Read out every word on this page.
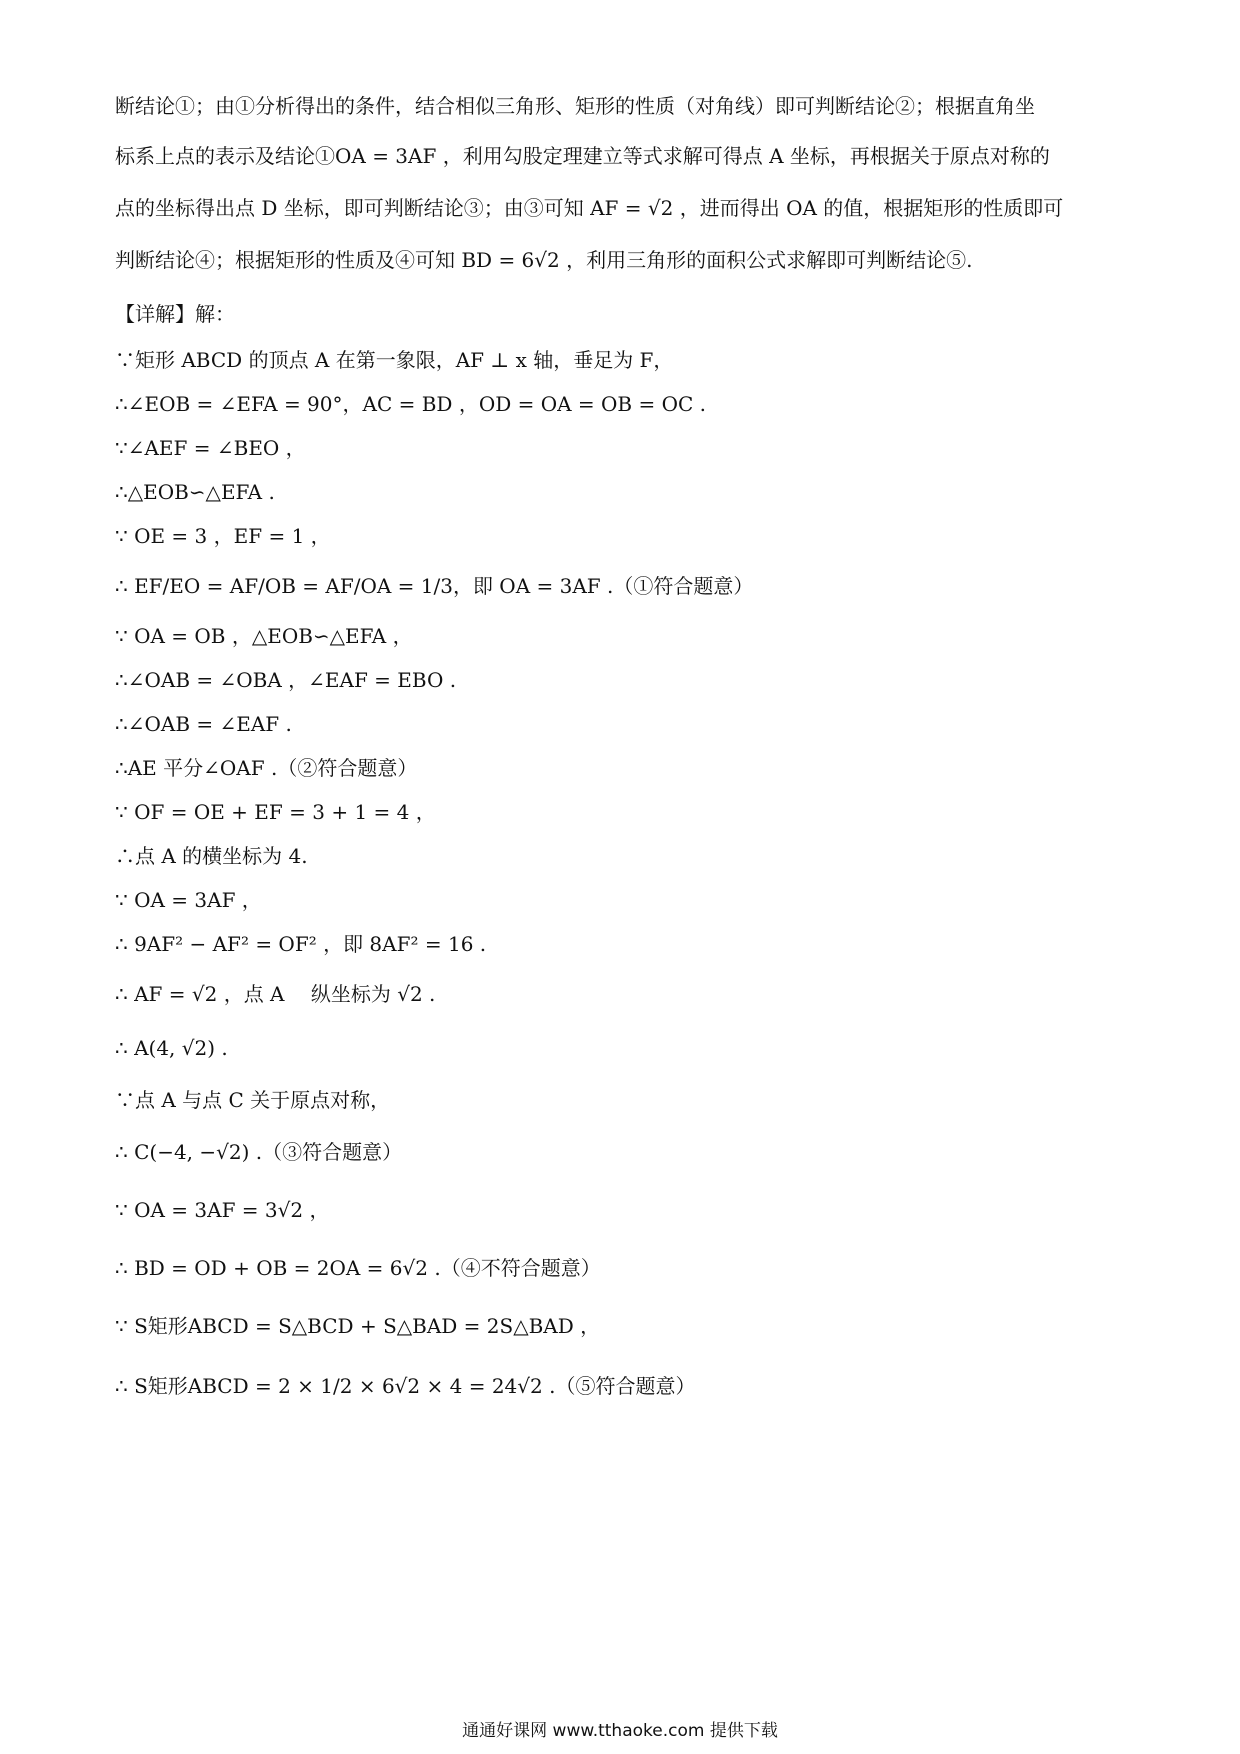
断结论①；由①分析得出的条件，结合相似三角形、矩形的性质（对角线）即可判断结论②；根据直角坐
标系上点的表示及结论①OA = 3AF ，利用勾股定理建立等式求解可得点 A 坐标，再根据关于原点对称的
点的坐标得出点 D 坐标，即可判断结论③；由③可知 AF = √2 ，进而得出 OA 的值，根据矩形的性质即可
判断结论④；根据矩形的性质及④可知 BD = 6√2 ，利用三角形的面积公式求解即可判断结论⑤.
【详解】解：
∵矩形 ABCD 的顶点 A 在第一象限，AF ⊥ x 轴，垂足为 F，
∴∠EOB = ∠EFA = 90°，AC = BD ，OD = OA = OB = OC .
∵∠AEF = ∠BEO ，
∴△EOB∽△EFA .
∵ OE = 3 ，EF = 1 ，
∴ EF/EO = AF/OB = AF/OA = 1/3，即 OA = 3AF .（①符合题意）
∵ OA = OB ，△EOB∽△EFA ，
∴∠OAB = ∠OBA ，∠EAF = EBO .
∴∠OAB = ∠EAF .
∴AE 平分∠OAF .（②符合题意）
∵ OF = OE + EF = 3 + 1 = 4 ，
∴点 A 的横坐标为 4.
∵ OA = 3AF ，
∴ 9AF² − AF² = OF² ，即 8AF² = 16 .
∴ AF = √2 ，点 A　 纵坐标为 √2 .
∴ A(4, √2) .
∵点 A 与点 C 关于原点对称，
∴ C(−4, −√2) .（③符合题意）
∵ OA = 3AF = 3√2 ，
∴ BD = OD + OB = 2OA = 6√2 .（④不符合题意）
∵ S矩形ABCD = S△BCD + S△BAD = 2S△BAD ，
∴ S矩形ABCD = 2 × 1/2 × 6√2 × 4 = 24√2 .（⑤符合题意）
通通好课网 www.tthaoke.com 提供下载
